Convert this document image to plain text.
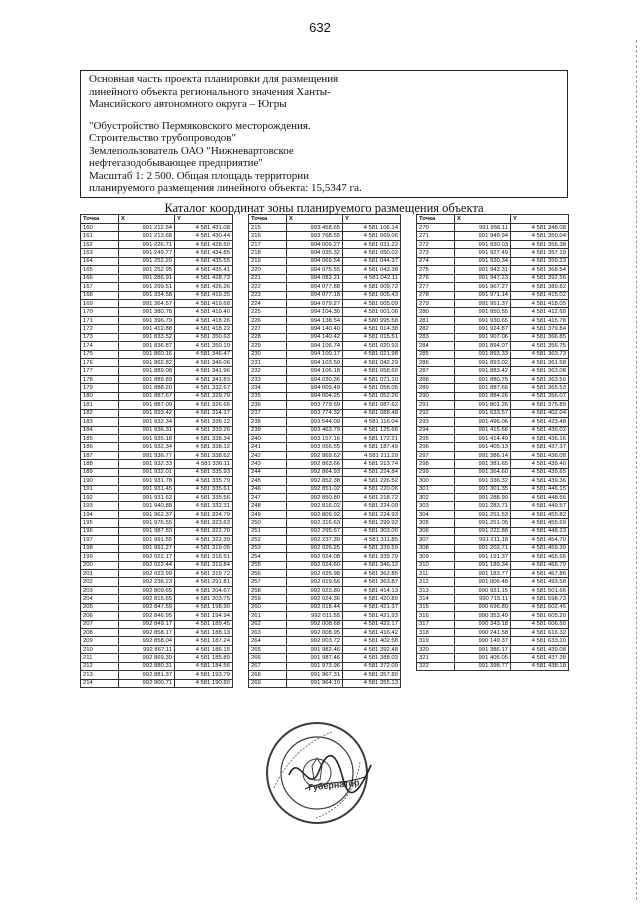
632

Основная часть проекта планировки для размещения

линейного объекта регионального значения Ханты-

Мансийского автономного округа – Югры

"Обустройство Пермяковского месторождения.

Строительство трубопроводов"

Землепользователь ОАО "Нижневартовское

нефтегазодобывающее предприятие"

Масштаб 1: 2 500. Общая площадь территории

планируемого размещения линейного объекта: 15,5347 га.

Каталог координат зоны планируемого размещения объекта
Точка	X	Y
160	991 212.54	4 581 431.08
161	991 213.68	4 581 430.44
162	991 226.71	4 581 428.50
163	991 249.77	4 581 434.85
164	991 252.29	4 581 435.55
165	991 252.95	4 581 435.41
166	991 286.91	4 581 428.73
167	991 299.51	4 581 426.26
168	991 334.58	4 581 419.35
169	991 364.57	4 581 419.68
170	991 380.78	4 581 419.40
171	991 396.79	4 581 418.26
172	991 412.88	4 581 418.22
173	991 833.52	4 581 350.63
174	991 836.87	4 581 350.10
175	991 860.16	4 581 346.47
176	991 862.82	4 581 346.06
177	991 889.08	4 581 341.96
178	991 889.89	4 581 341.83
179	991 888.20	4 581 332.67
180	991 887.67	4 581 329.79
181	991 887.09	4 581 326.66
182	991 893.42	4 581 314.17
183	991 932.34	4 581 336.12
184	991 936.31	4 581 339.26
185	991 935.18	4 581 338.34
186	991 932.34	4 581 338.12
187	991 936.77	4 581 338.62
188	991 932.33	4 581 336.11
189	991 932.01	4 581 335.93
190	991 931.78	4 581 335.79
191	991 931.45	4 581 335.61
192	991 931.62	4 581 335.56
193	991 940.88	4 581 332.31
194	991 962.37	4 581 324.79
195	991 976.55	4 581 323.63
196	991 987.83	4 581 322.70
197	991 991.55	4 581 322.39
198	991 991.27	4 581 319.05
199	992 022.17	4 581 316.51
200	992 022.44	4 581 319.84
201	992 023.99	4 581 319.72
202	992 236.23	4 581 291.81
203	992 809.65	4 581 204.67
204	992 815.65	4 581 203.75
205	992 847.59	4 581 198.90
206	992 846.95	4 581 194.94
207	992 849.17	4 581 189.45
208	992 858.17	4 581 188.13
209	992 858.04	4 581 187.24
210	992 867.11	4 581 186.15
211	992 869.30	4 581 185.89
212	992 880.31	4 581 184.56
213	992 881.37	4 581 193.79
214	992 900.71	4 581 190.80
Точка	X	Y
215	993 458.65	4 581 106.14
216	993 768.55	4 581 069.06
217	994 009.27	4 581 031.22
218	994 035.32	4 581 050.02
219	994 069.54	4 581 044.37
220	994 075.55	4 581 043.38
221	994 083.21	4 581 042.11
222	994 077.88	4 581 009.72
223	994 077.18	4 581 005.43
224	994 079.27	4 581 005.09
225	994 104.30	4 581 001.06
226	994 138.54	4 580 995.58
227	994 140.40	4 581 014.38
228	994 140.42	4 581 015.51
229	994 106.74	4 581 020.93
230	994 100.17	4 581 021.98
231	994 103.50	4 581 042.29
232	994 106.18	4 581 058.60
233	994 030.36	4 581 071.10
234	994 009.49	4 581 058.05
235	994 004.25	4 581 052.26
236	993 779.69	4 581 087.62
237	993 774.32	4 581 088.48
238	993 544.09	4 581 116.04
239	993 463.79	4 581 125.66
240	993 157.16	4 581 172.21
241	993 056.55	4 581 187.49
242	992 869.62	4 581 211.29
243	992 863.66	4 581 213.74
244	992 864.93	4 581 224.84
245	992 852.38	4 581 226.52
246	992 851.02	4 581 220.06
247	992 850.80	4 581 218.72
248	992 816.02	4 581 224.00
249	992 809.92	4 581 224.93
250	992 316.63	4 581 299.92
251	992 295.67	4 581 303.00
252	992 237.39	4 581 311.85
253	992 026.25	4 581 339.59
254	992 024.08	4 581 339.79
255	992 024.60	4 581 346.12
256	992 025.98	4 581 362.85
257	992 019.66	4 581 363.87
258	992 023.80	4 581 414.13
259	992 024.36	4 581 420.89
260	992 018.44	4 581 421.37
261	992 011.55	4 581 421.93
262	992 008.68	4 581 422.17
263	992 008.95	4 581 416.42
264	992 003.72	4 581 402.58
265	991 982.46	4 581 392.48
266	991 987.46	4 581 388.03
267	991 973.96	4 581 372.00
268	991 967.31	4 581 357.80
269	991 964.10	4 581 355.13
Точка	X	Y
270	991 956.11	4 581 348.08
271	991 949.94	4 581 350.04
272	991 930.03	4 581 356.38
273	991 927.49	4 581 357.19
274	991 930.34	4 581 359.23
275	991 943.31	4 581 368.54
276	991 947.23	4 581 392.56
277	991 967.27	4 581 389.82
278	991 971.14	4 581 415.02
279	991 951.37	4 581 418.05
280	991 950.55	4 581 412.68
281	991 930.65	4 581 415.78
282	991 924.87	4 581 379.84
283	991 907.06	4 581 366.85
284	991 894.07	4 581 356.75
285	991 893.33	4 581 363.73
286	991 893.02	4 581 361.58
287	991 883.42	4 581 363.08
288	991 880.75	4 581 363.50
289	991 887.66	4 581 365.53
290	991 884.26	4 581 356.07
291	991 801.26	4 581 375.89
292	991 633.57	4 581 402.04
293	991 496.06	4 581 423.48
294	991 415.66	4 581 436.02
295	991 414.49	4 581 436.16
296	991 405.13	4 581 437.37
297	991 386.14	4 581 436.08
298	991 381.65	4 581 439.40
299	991 364.60	4 581 439.65
300	991 336.32	4 581 439.36
301	991 301.35	4 581 446.15
302	991 288.90	4 581 448.56
303	991 283.71	4 581 449.57
304	991 251.53	4 581 455.82
305	991 251.05	4 581 455.69
306	991 222.88	4 581 448.23
307	991 211.18	4 581 454.70
308	991 202.71	4 581 459.39
309	991 191.37	4 581 465.66
310	991 189.34	4 581 466.79
311	991 183.77	4 581 467.86
312	991 006.48	4 581 493.58
313	990 931.15	4 581 501.66
314	990 715.11	4 581 598.73
315	990 696.80	4 581 602.45
316	990 353.49	4 581 605.20
317	990 343.18	4 581 606.50
318	990 241.58	4 581 616.32
319	990 149.37	4 581 633.10
320	991 386.17	4 581 439.08
321	991 405.05	4 581 437.38
322	991 398.77	4 581 438.18
Губернатор
